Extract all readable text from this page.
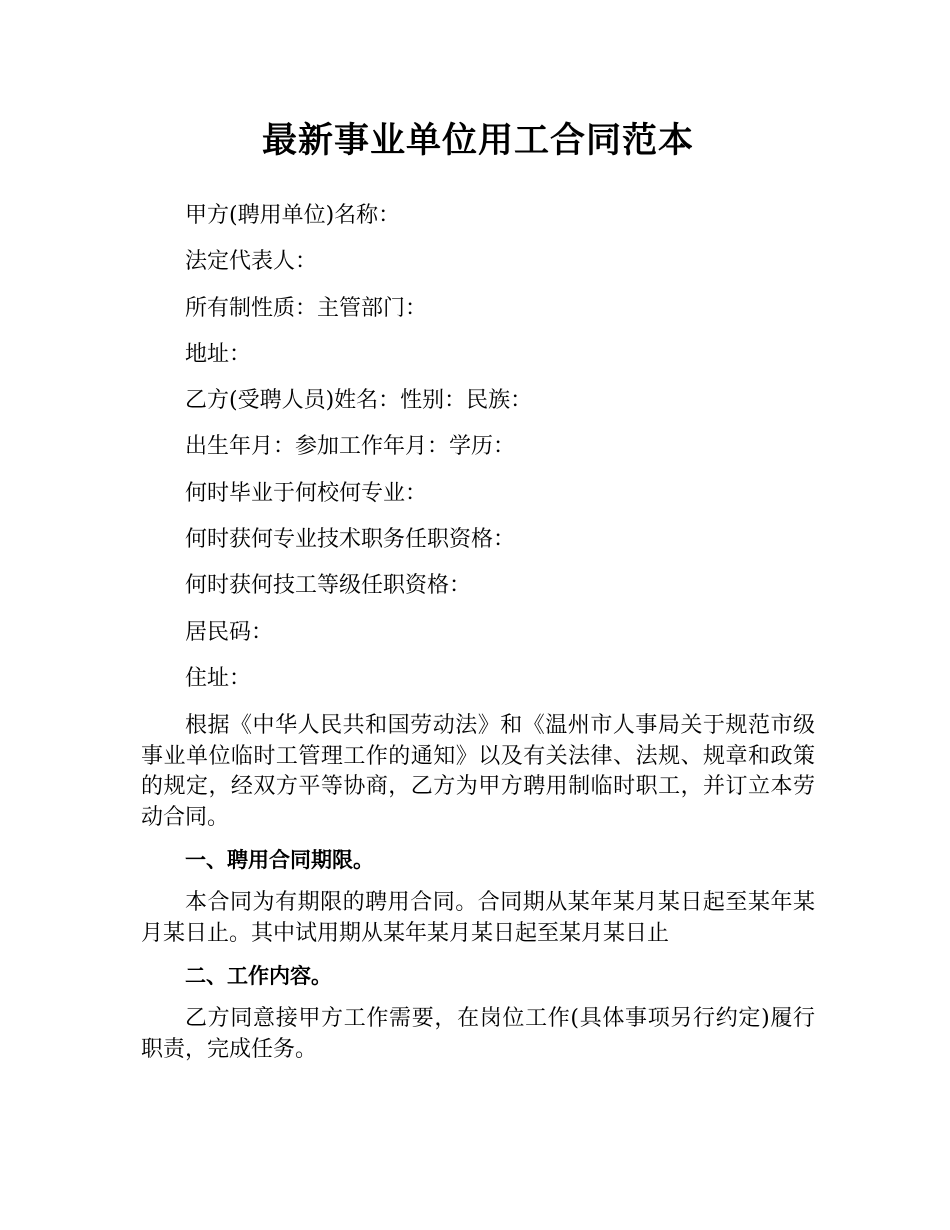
最新事业单位用工合同范本
甲方(聘用单位)名称：
法定代表人：
所有制性质：主管部门：
地址：
乙方(受聘人员)姓名：性别：民族：
出生年月：参加工作年月：学历：
何时毕业于何校何专业：
何时获何专业技术职务任职资格：
何时获何技工等级任职资格：
居民码：
住址：

根据《中华人民共和国劳动法》和《温州市人事局关于规范市级事业单位临时工管理工作的通知》以及有关法律、法规、规章和政策的规定，经双方平等协商，乙方为甲方聘用制临时职工，并订立本劳动合同。

一、聘用合同期限。

本合同为有期限的聘用合同。合同期从某年某月某日起至某年某月某日止。其中试用期从某年某月某日起至某月某日止

二、工作内容。

乙方同意接甲方工作需要，在岗位工作(具体事项另行约定)履行职责，完成任务。
